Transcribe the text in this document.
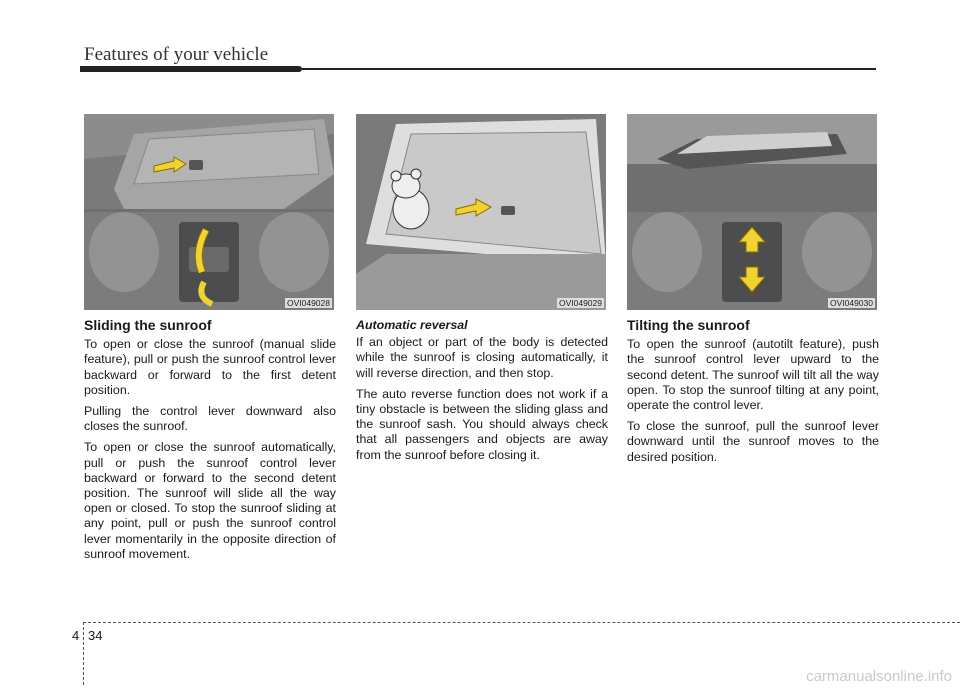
Features of your vehicle
OVI049028	OVI049029	OVI049030
Sliding the sunroof

To open or close the sunroof (manual slide feature), pull or push the sunroof control lever backward or forward to the first detent position.

Pulling the control lever downward also closes the sunroof.

To open or close the sunroof automatically, pull or push the sunroof control lever backward or forward to the second detent position. The sunroof will slide all the way open or closed. To stop the sunroof sliding at any point, pull or push the sunroof control lever momentarily in the opposite direction of sunroof movement.

Automatic reversal

If an object or part of the body is detected while the sunroof is closing automatically, it will reverse direction, and then stop.

The auto reverse function does not work if a tiny obstacle is between the sliding glass and the sunroof sash. You should always check that all passengers and objects are away from the sunroof before closing it.

Tilting the sunroof

To open the sunroof (autotilt feature), push the sunroof control lever upward to the second detent. The sunroof will tilt all the way open. To stop the sunroof tilting at any point, operate the control lever.

To close the sunroof, pull the sunroof lever downward until the sunroof moves to the desired position.

4 34
carmanualsonline.info
